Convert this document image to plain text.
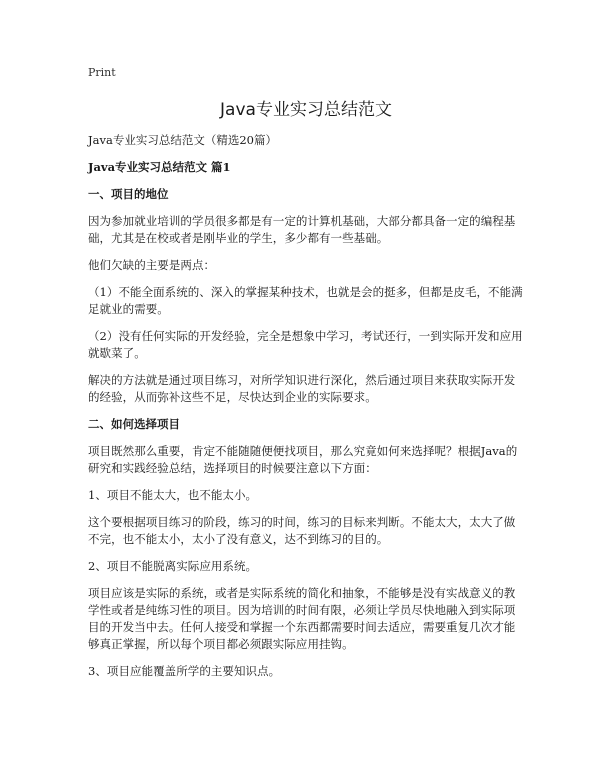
Print
Java专业实习总结范文
Java专业实习总结范文（精选20篇）
Java专业实习总结范文 篇1
一、项目的地位

因为参加就业培训的学员很多都是有一定的计算机基础，大部分都具备一定的编程基础，尤其是在校或者是刚毕业的学生，多少都有一些基础。

他们欠缺的主要是两点：

（1）不能全面系统的、深入的掌握某种技术，也就是会的挺多，但都是皮毛，不能满足就业的需要。

（2）没有任何实际的开发经验，完全是想象中学习，考试还行，一到实际开发和应用就歇菜了。

解决的方法就是通过项目练习，对所学知识进行深化，然后通过项目来获取实际开发的经验，从而弥补这些不足，尽快达到企业的实际要求。

二、如何选择项目

项目既然那么重要，肯定不能随随便便找项目，那么究竟如何来选择呢？根据Java的研究和实践经验总结，选择项目的时候要注意以下方面：

1、项目不能太大，也不能太小。

这个要根据项目练习的阶段，练习的时间，练习的目标来判断。不能太大，太大了做不完，也不能太小，太小了没有意义，达不到练习的目的。

2、项目不能脱离实际应用系统。

项目应该是实际的系统，或者是实际系统的简化和抽象，不能够是没有实战意义的教学性或者是纯练习性的项目。因为培训的时间有限，必须让学员尽快地融入到实际项目的开发当中去。任何人接受和掌握一个东西都需要时间去适应，需要重复几次才能够真正掌握，所以每个项目都必须跟实际应用挂钩。

3、项目应能覆盖所学的主要知识点。
